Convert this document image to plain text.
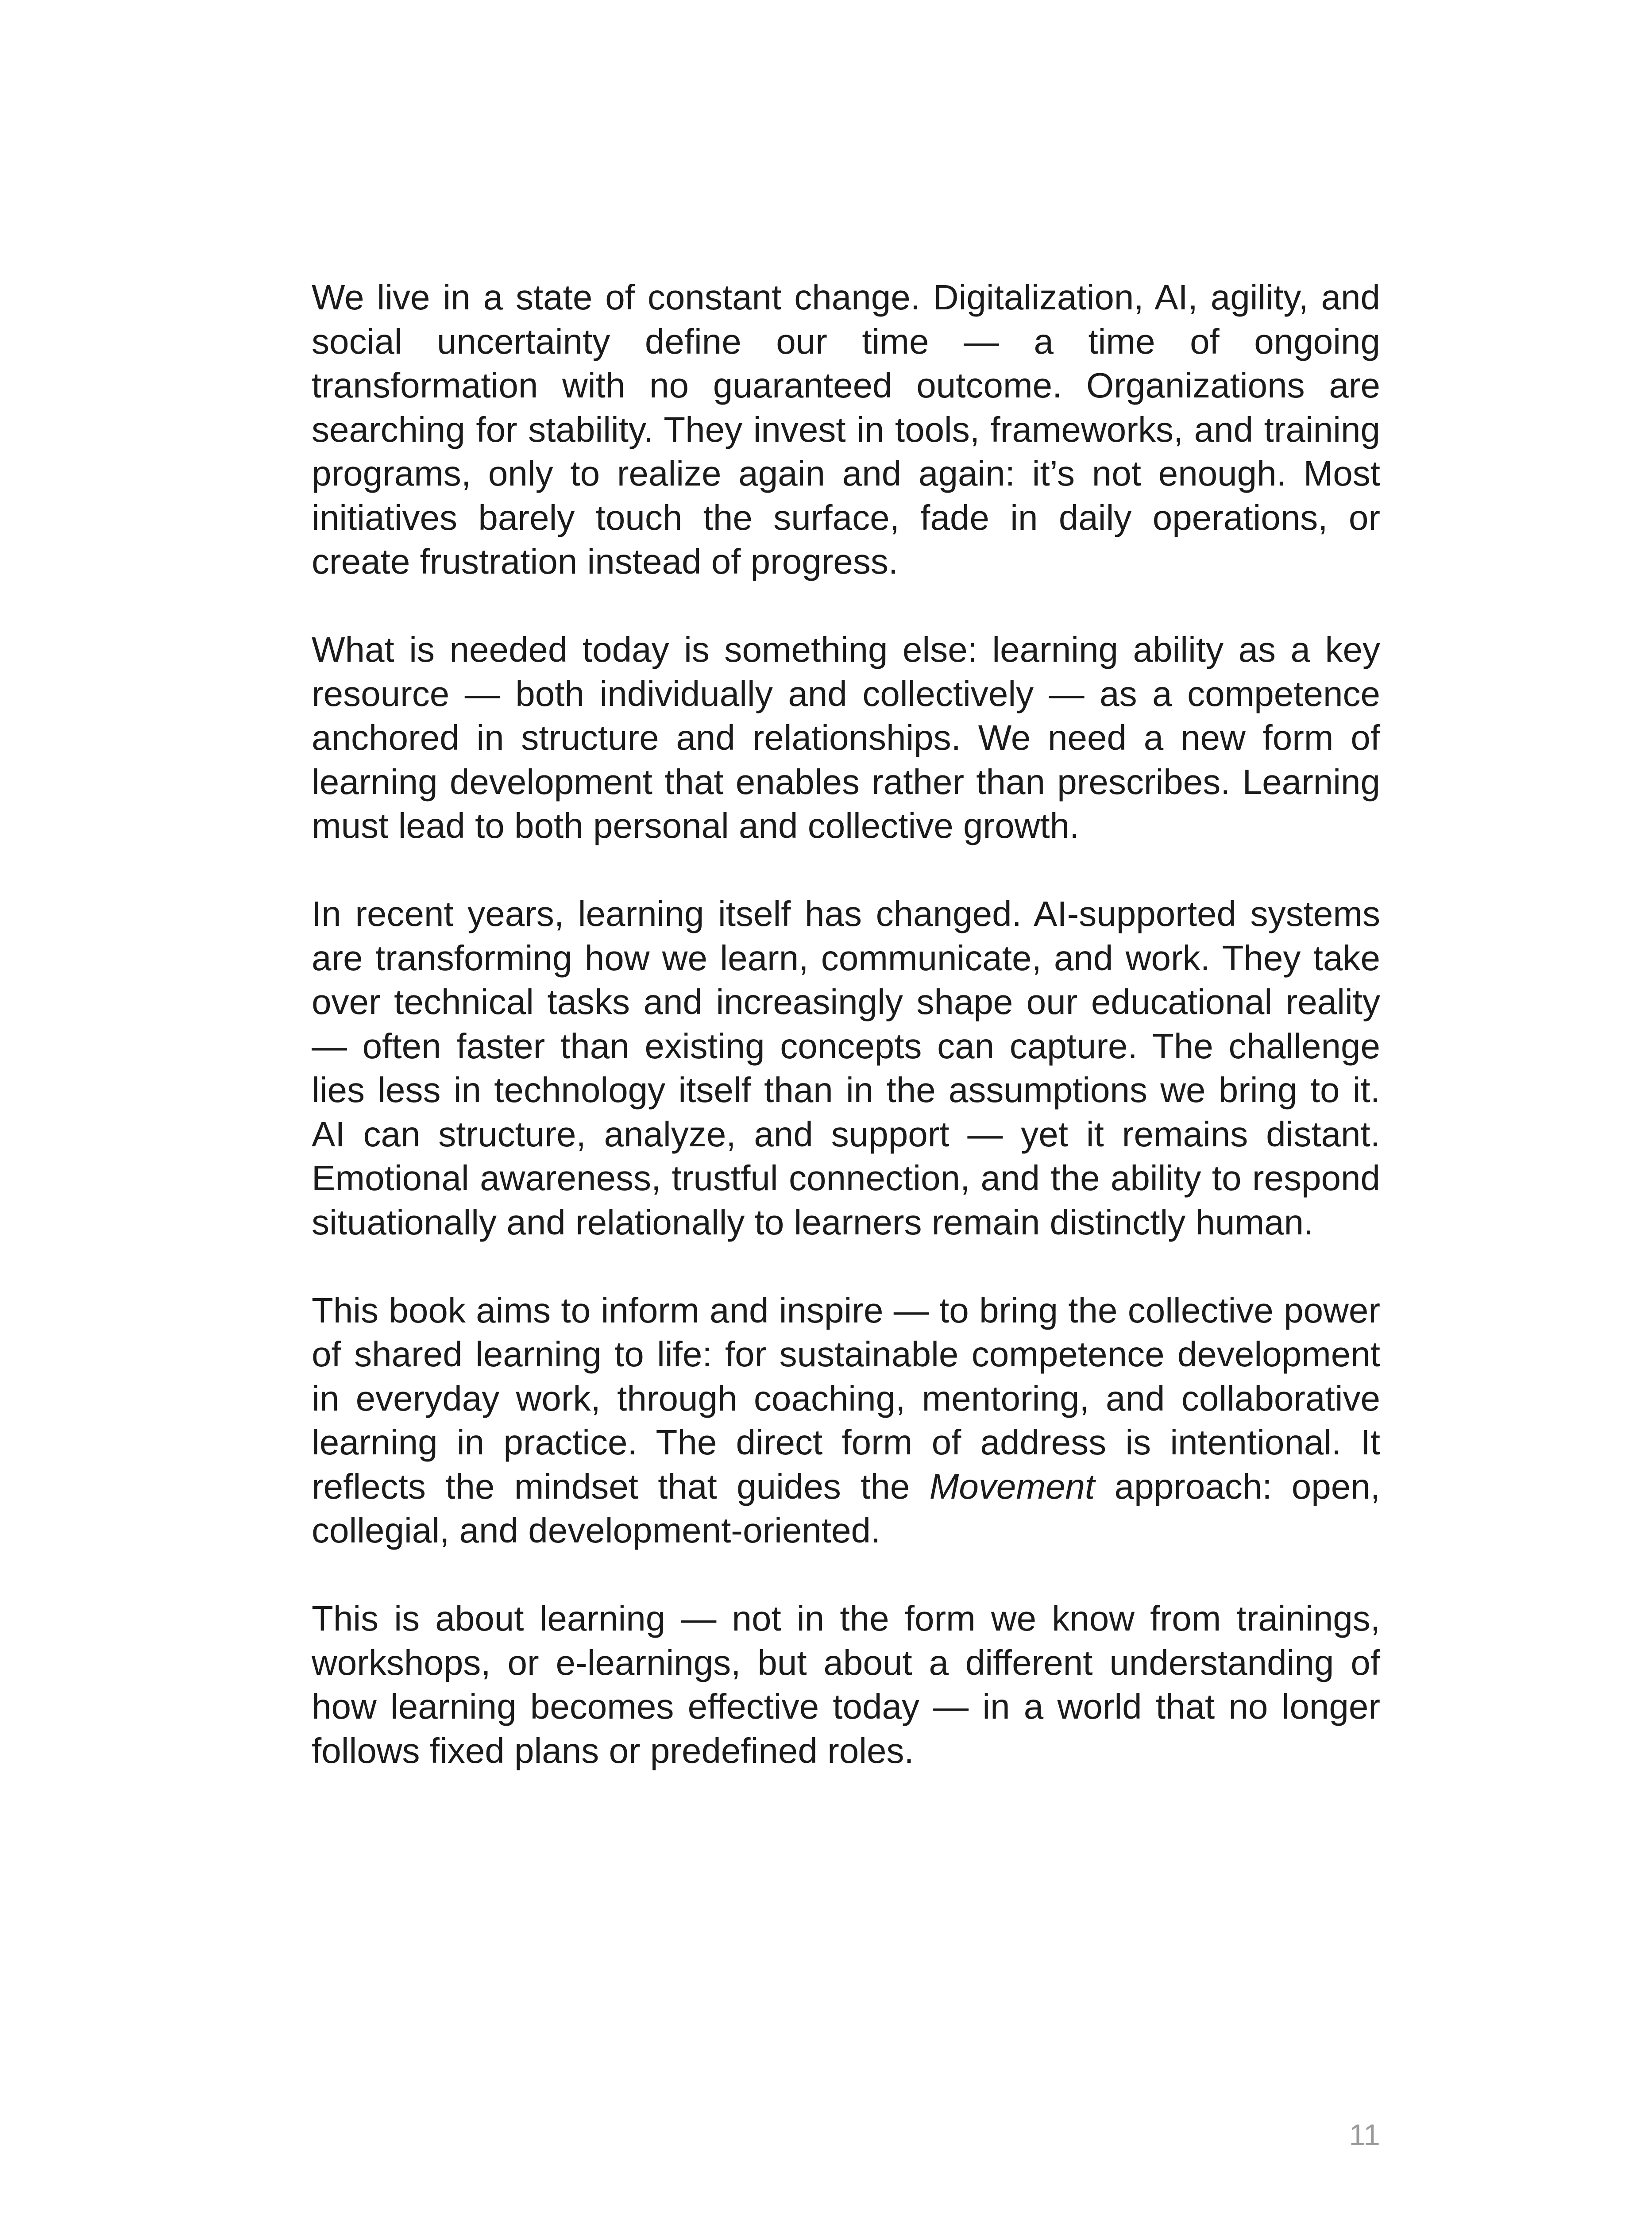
We live in a state of constant change. Digitalization, AI, agility, and social uncertainty define our time — a time of ongoing transformation with no guaranteed outcome. Organizations are searching for stability. They invest in tools, frameworks, and training programs, only to realize again and again: it’s not enough. Most initiatives barely touch the surface, fade in daily operations, or create frustration instead of progress.

What is needed today is something else: learning ability as a key resource — both individually and collectively — as a competence anchored in structure and relationships. We need a new form of learning development that enables rather than prescribes. Learning must lead to both personal and collective growth.

In recent years, learning itself has changed. AI-supported systems are transforming how we learn, communicate, and work. They take over technical tasks and increasingly shape our educational reality — often faster than existing concepts can capture. The challenge lies less in technology itself than in the assumptions we bring to it. AI can structure, analyze, and support — yet it remains distant. Emotional awareness, trustful connection, and the ability to respond situationally and relationally to learners remain distinctly human.

This book aims to inform and inspire — to bring the collective power of shared learning to life: for sustainable competence development in everyday work, through coaching, mentoring, and collaborative learning in practice. The direct form of address is intentional. It reflects the mindset that guides the Movement approach: open, collegial, and development-oriented.

This is about learning — not in the form we know from trainings, workshops, or e-learnings, but about a different understanding of how learning becomes effective today — in a world that no longer follows fixed plans or predefined roles.

11
